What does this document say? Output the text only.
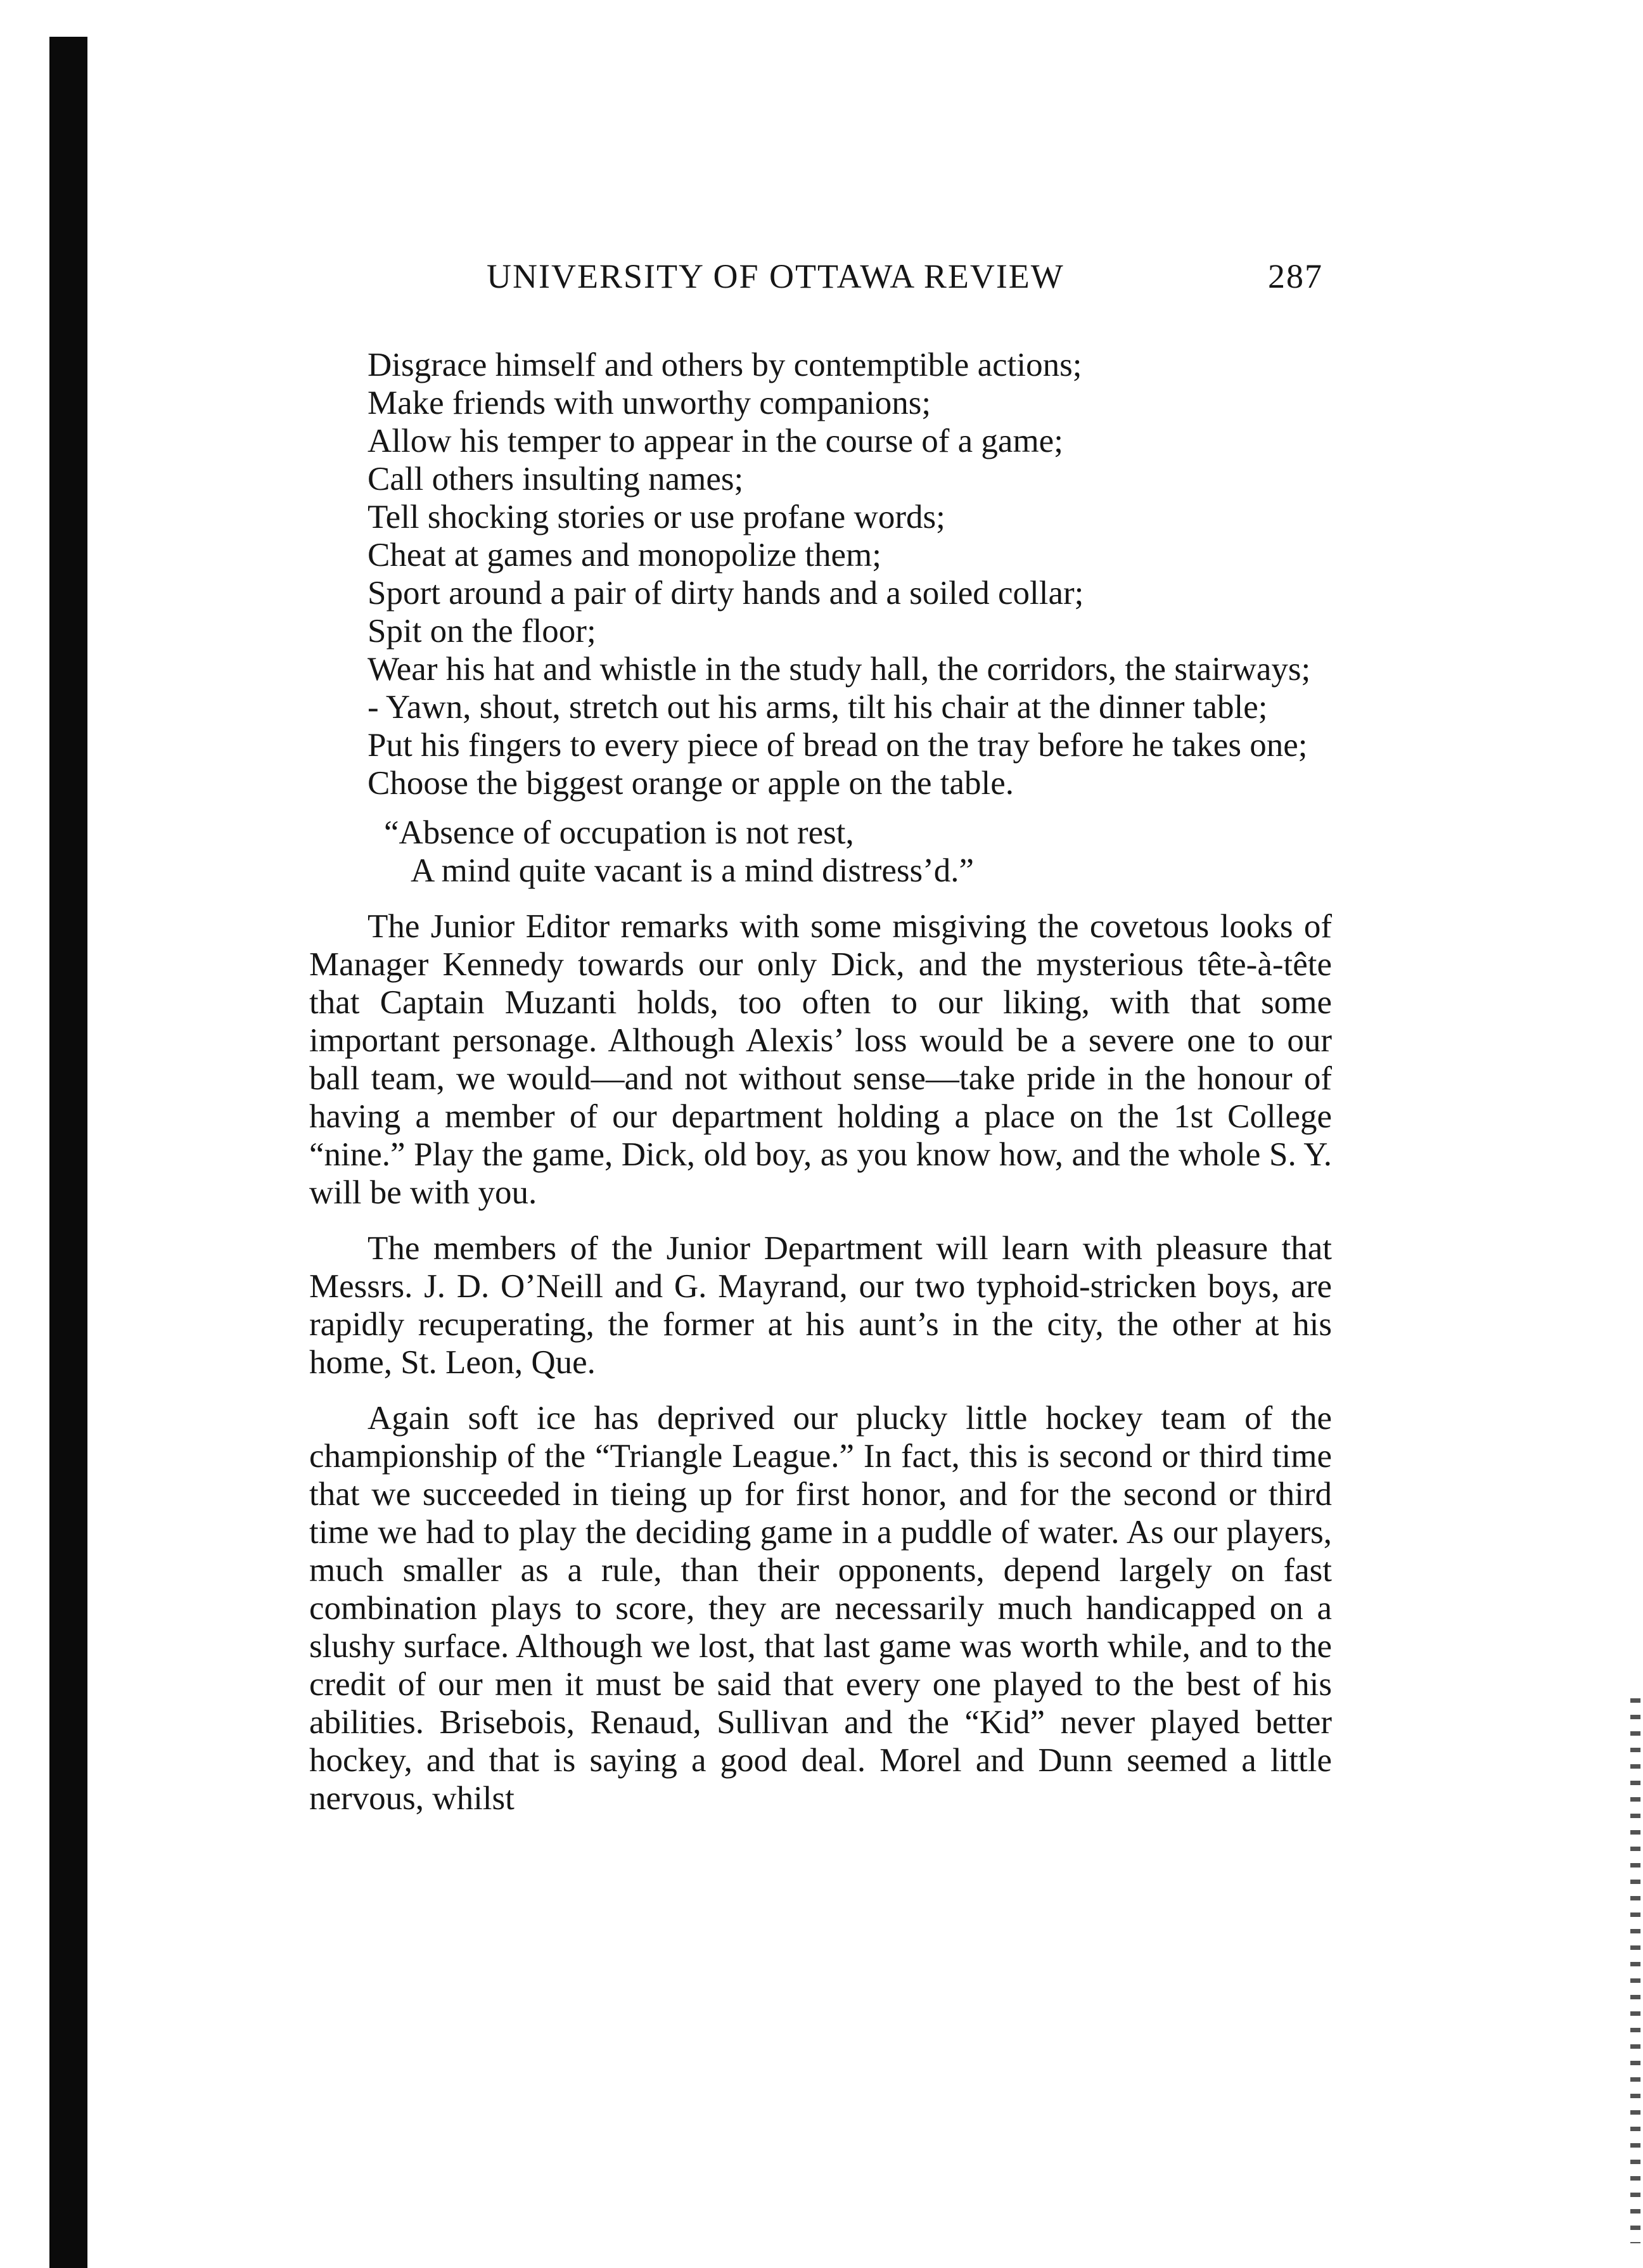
UNIVERSITY OF OTTAWA REVIEW	287
Disgrace himself and others by contemptible actions;
Make friends with unworthy companions;
Allow his temper to appear in the course of a game;
Call others insulting names;
Tell shocking stories or use profane words;
Cheat at games and monopolize them;
Sport around a pair of dirty hands and a soiled collar;
Spit on the floor;
Wear his hat and whistle in the study hall, the corridors, the stairways;
- Yawn, shout, stretch out his arms, tilt his chair at the dinner table;
Put his fingers to every piece of bread on the tray before he takes one;
Choose the biggest orange or apple on the table.
“Absence of occupation is not rest,
A mind quite vacant is a mind distress’d.”

The Junior Editor remarks with some misgiving the covetous looks of Manager Kennedy towards our only Dick, and the mysterious tête-à-tête that Captain Muzanti holds, too often to our liking, with that some important personage. Although Alexis’ loss would be a severe one to our ball team, we would—and not without sense—take pride in the honour of having a member of our department holding a place on the 1st College “nine.” Play the game, Dick, old boy, as you know how, and the whole S. Y. will be with you.

The members of the Junior Department will learn with pleasure that Messrs. J. D. O’Neill and G. Mayrand, our two typhoid-stricken boys, are rapidly recuperating, the former at his aunt’s in the city, the other at his home, St. Leon, Que.

Again soft ice has deprived our plucky little hockey team of the championship of the “Triangle League.” In fact, this is second or third time that we succeeded in tieing up for first honor, and for the second or third time we had to play the deciding game in a puddle of water. As our players, much smaller as a rule, than their opponents, depend largely on fast combination plays to score, they are necessarily much handicapped on a slushy surface. Although we lost, that last game was worth while, and to the credit of our men it must be said that every one played to the best of his abilities. Brisebois, Renaud, Sullivan and the “Kid” never played better hockey, and that is saying a good deal. Morel and Dunn seemed a little nervous, whilst
